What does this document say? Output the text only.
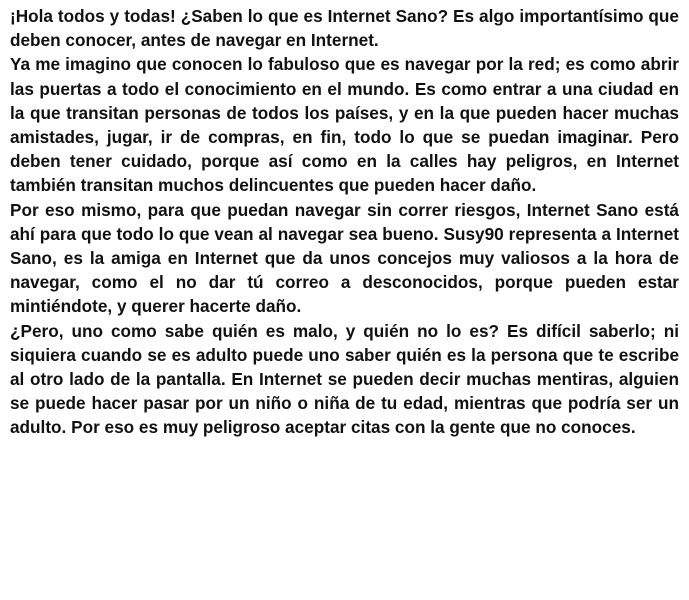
¡Hola todos y todas! ¿Saben lo que es Internet Sano? Es algo importantísimo que deben conocer, antes de navegar en Internet.

Ya me imagino que conocen lo fabuloso que es navegar por la red; es como abrir las puertas a todo el conocimiento en el mundo. Es como entrar a una ciudad en la que transitan personas de todos los países, y en la que pueden hacer muchas amistades, jugar, ir de compras, en fin, todo lo que se puedan imaginar. Pero deben tener cuidado, porque así como en la calles hay peligros, en Internet también transitan muchos delincuentes que pueden hacer daño.

Por eso mismo, para que puedan navegar sin correr riesgos, Internet Sano está ahí para que todo lo que vean al navegar sea bueno. Susy90 representa a Internet Sano, es la amiga en Internet que da unos concejos muy valiosos a la hora de navegar, como el no dar tú correo a desconocidos, porque pueden estar mintiéndote, y querer hacerte daño.

¿Pero, uno como sabe quién es malo, y quién no lo es? Es difícil saberlo; ni siquiera cuando se es adulto puede uno saber quién es la persona que te escribe al otro lado de la pantalla. En Internet se pueden decir muchas mentiras, alguien se puede hacer pasar por un niño o niña de tu edad, mientras que podría ser un adulto. Por eso es muy peligroso aceptar citas con la gente que no conoces.
